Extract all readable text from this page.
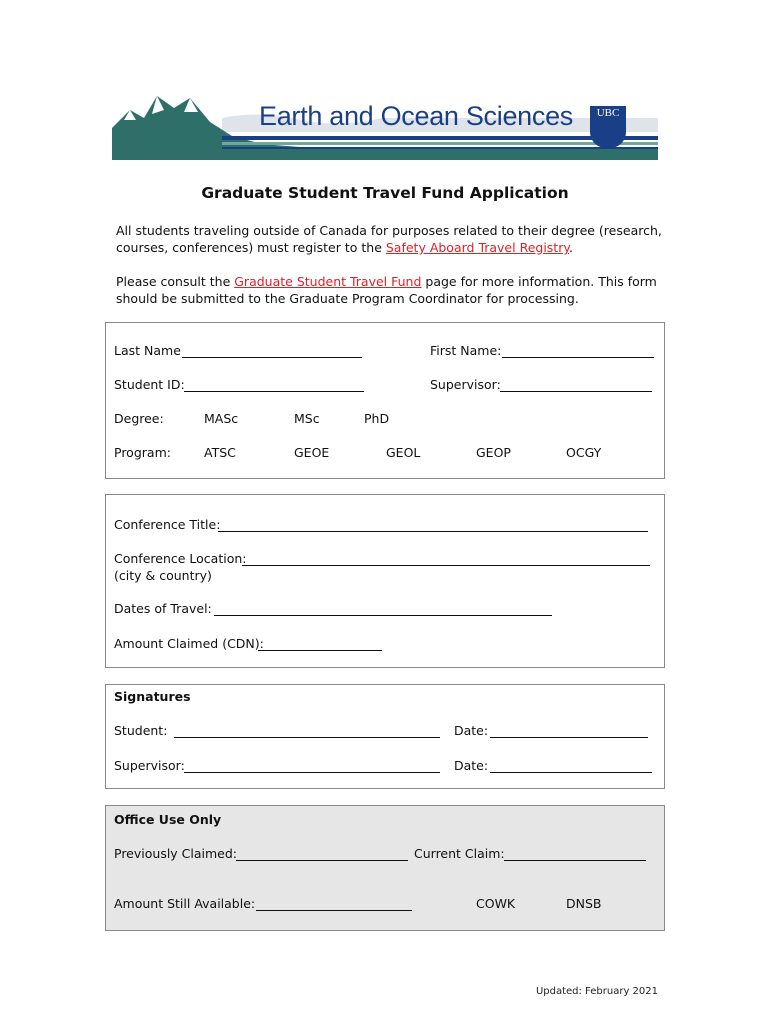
Earth and Ocean Sciences	UBC
Graduate Student Travel Fund Application
All students traveling outside of Canada for purposes related to their degree (research, courses, conferences) must register to the Safety Aboard Travel Registry.
Please consult the Graduate Student Travel Fund page for more information. This form should be submitted to the Graduate Program Coordinator for processing.
Last Name	First Name:
Student ID:	Supervisor:
Degree:	MASc	MSc	PhD
Program:	ATSC	GEOE	GEOL	GEOP	OCGY
Conference Title:
Conference Location:
(city & country)
Dates of Travel:
Amount Claimed (CDN):
Signatures
Student:	Date:
Supervisor:	Date:
Office Use Only
Previously Claimed:	Current Claim:
Amount Still Available:	COWK	DNSB
Updated: February 2021
